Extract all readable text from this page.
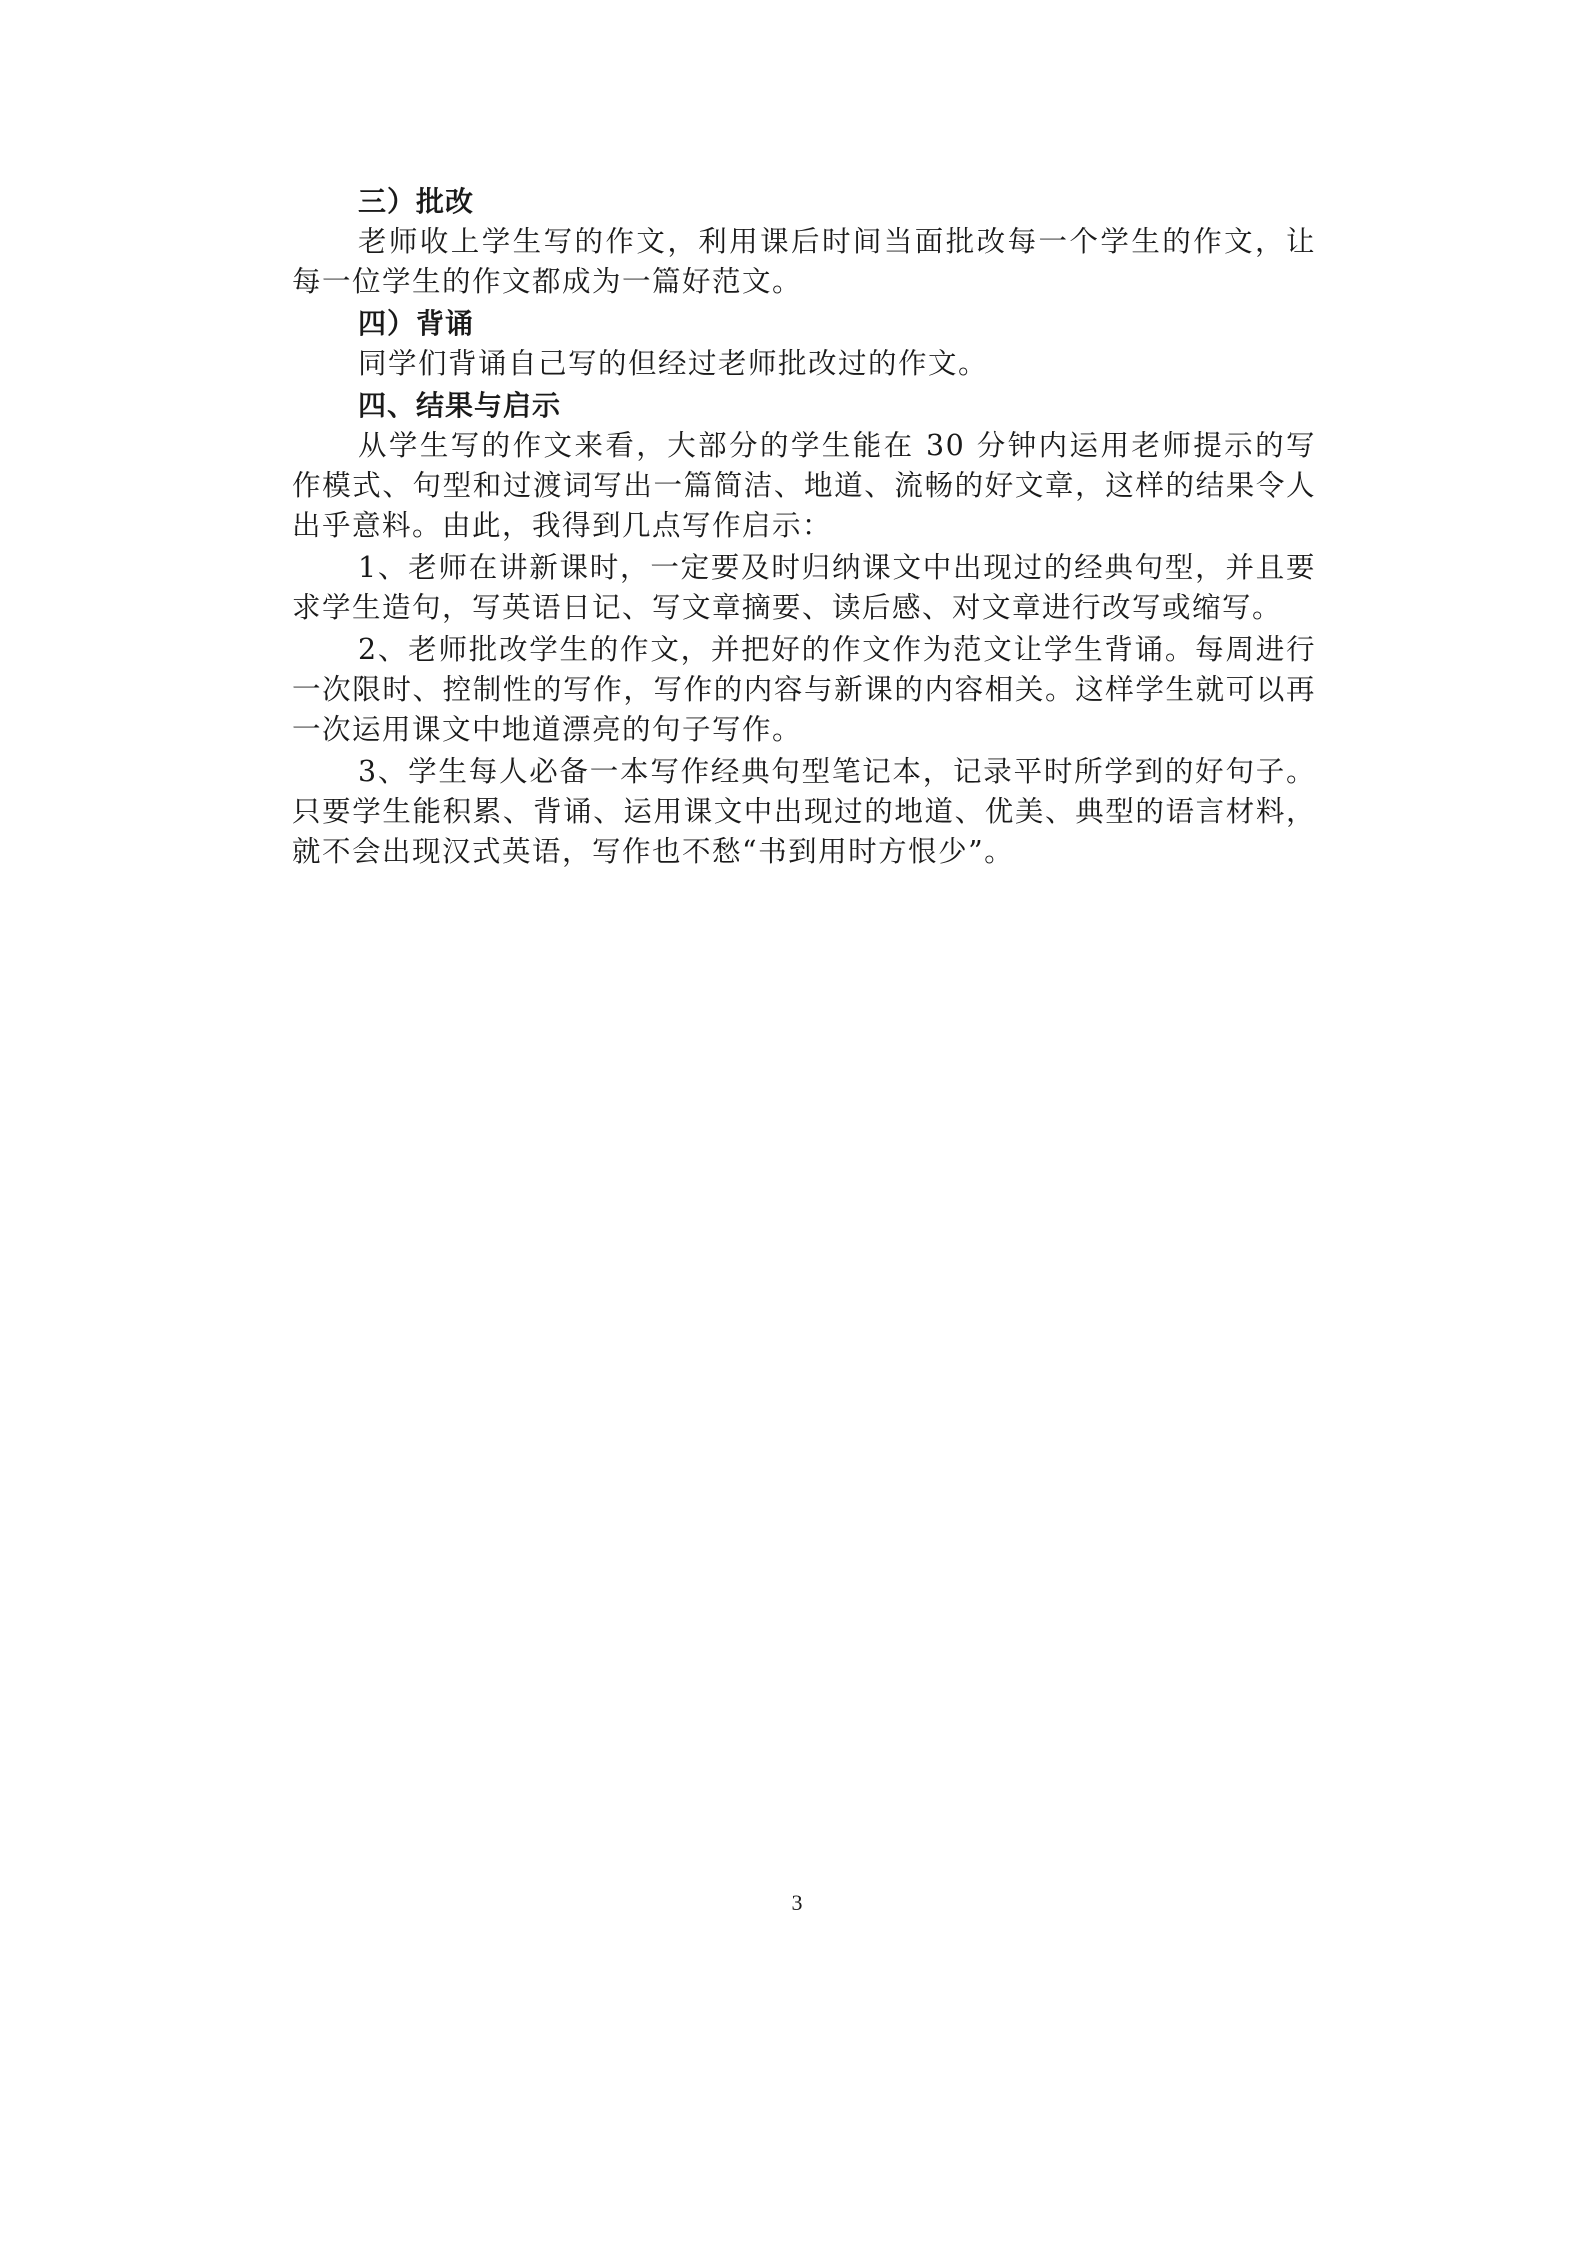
三）批改

老师收上学生写的作文，利用课后时间当面批改每一个学生的作文，让每一位学生的作文都成为一篇好范文。

四）背诵

同学们背诵自己写的但经过老师批改过的作文。

四、结果与启示

从学生写的作文来看，大部分的学生能在 30 分钟内运用老师提示的写作模式、句型和过渡词写出一篇简洁、地道、流畅的好文章，这样的结果令人出乎意料。由此，我得到几点写作启示：

1、老师在讲新课时，一定要及时归纳课文中出现过的经典句型，并且要求学生造句，写英语日记、写文章摘要、读后感、对文章进行改写或缩写。

2、老师批改学生的作文，并把好的作文作为范文让学生背诵。每周进行一次限时、控制性的写作，写作的内容与新课的内容相关。这样学生就可以再一次运用课文中地道漂亮的句子写作。

3、学生每人必备一本写作经典句型笔记本，记录平时所学到的好句子。只要学生能积累、背诵、运用课文中出现过的地道、优美、典型的语言材料，就不会出现汉式英语，写作也不愁“书到用时方恨少”。

3
